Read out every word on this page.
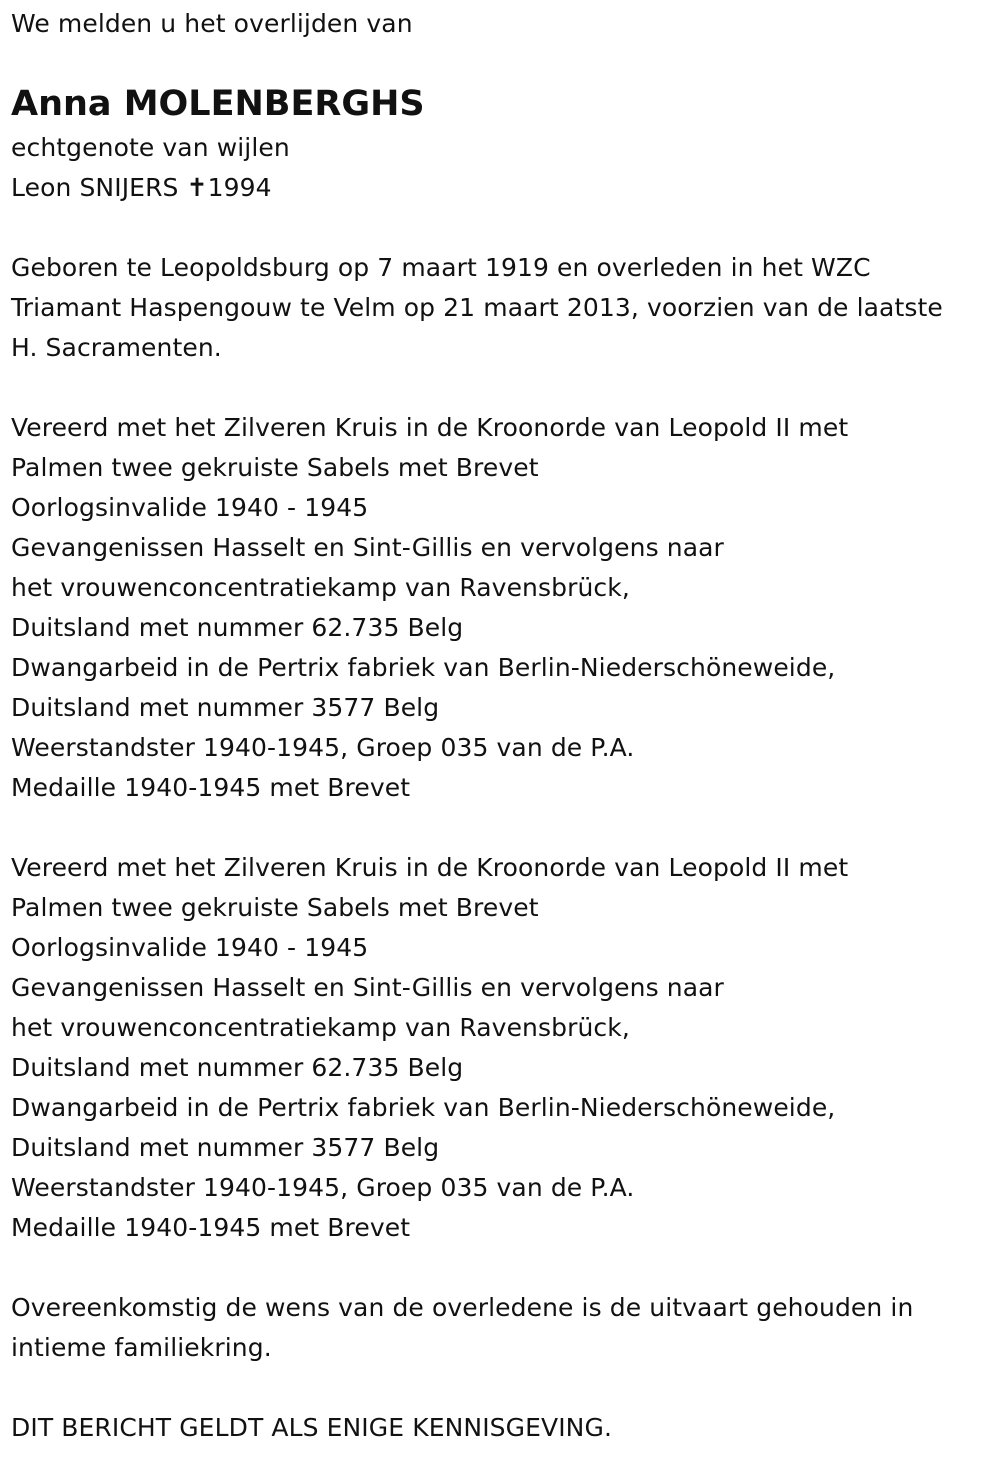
We melden u het overlijden van
Anna MOLENBERGHS
echtgenote van wijlen
Leon SNIJERS ✝1994
Geboren te Leopoldsburg op 7 maart 1919 en overleden in het WZC
Triamant Haspengouw te Velm op 21 maart 2013, voorzien van de laatste
H. Sacramenten.
Vereerd met het Zilveren Kruis in de Kroonorde van Leopold II met
Palmen twee gekruiste Sabels met Brevet
Oorlogsinvalide 1940 - 1945
Gevangenissen Hasselt en Sint-Gillis en vervolgens naar
het vrouwenconcentratiekamp van Ravensbrück,
Duitsland met nummer 62.735 Belg
Dwangarbeid in de Pertrix fabriek van Berlin-Niederschöneweide,
Duitsland met nummer 3577 Belg
Weerstandster 1940-1945, Groep 035 van de P.A.
Medaille 1940-1945 met Brevet
Vereerd met het Zilveren Kruis in de Kroonorde van Leopold II met
Palmen twee gekruiste Sabels met Brevet
Oorlogsinvalide 1940 - 1945
Gevangenissen Hasselt en Sint-Gillis en vervolgens naar
het vrouwenconcentratiekamp van Ravensbrück,
Duitsland met nummer 62.735 Belg
Dwangarbeid in de Pertrix fabriek van Berlin-Niederschöneweide,
Duitsland met nummer 3577 Belg
Weerstandster 1940-1945, Groep 035 van de P.A.
Medaille 1940-1945 met Brevet
Overeenkomstig de wens van de overledene is de uitvaart gehouden in
intieme familiekring.
DIT BERICHT GELDT ALS ENIGE KENNISGEVING.
